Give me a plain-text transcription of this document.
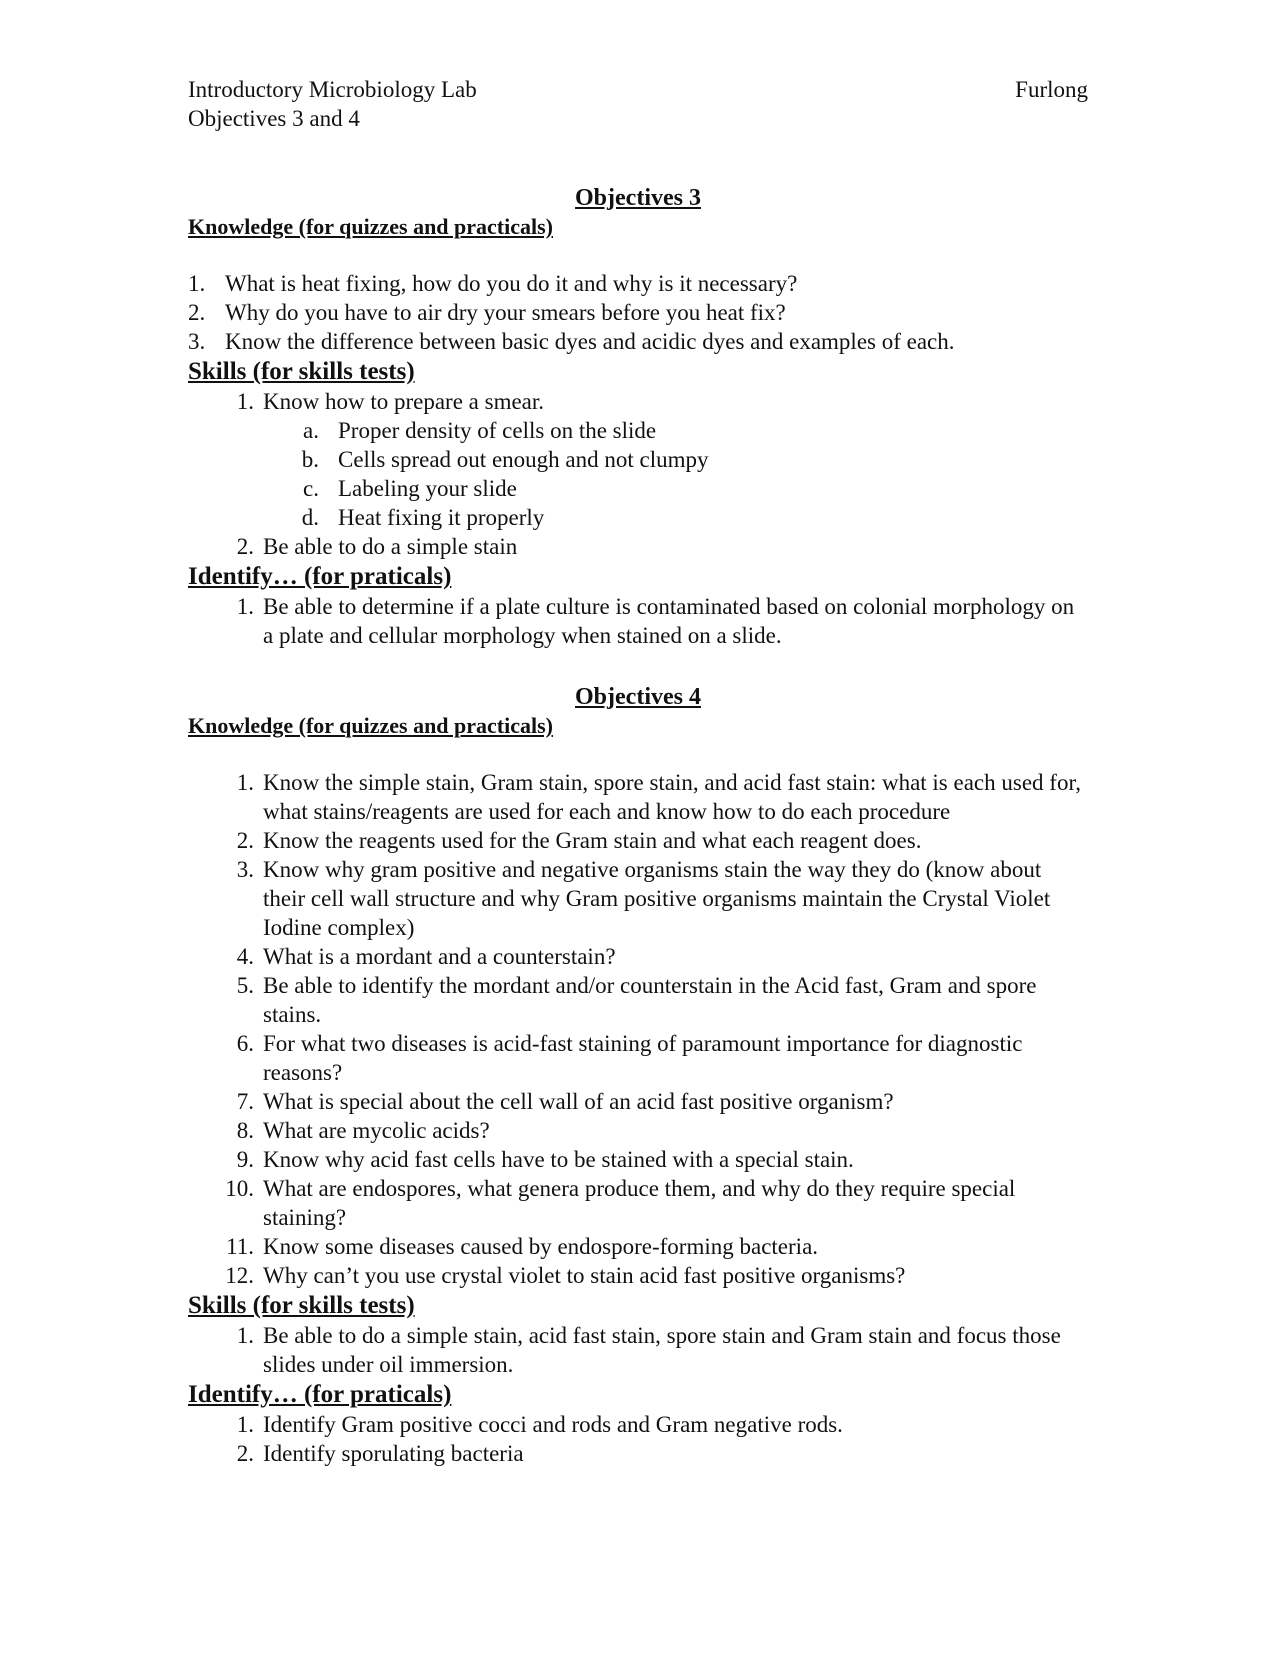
Introductory Microbiology Lab	Furlong
Objectives 3 and 4
Objectives 3
Knowledge (for quizzes and practicals)
1. What is heat fixing, how do you do it and why is it necessary?
2. Why do you have to air dry your smears before you heat fix?
3. Know the difference between basic dyes and acidic dyes and examples of each.
Skills (for skills tests)
1. Know how to prepare a smear.
a. Proper density of cells on the slide
b. Cells spread out enough and not clumpy
c. Labeling your slide
d. Heat fixing it properly
2. Be able to do a simple stain
Identify… (for praticals)
1. Be able to determine if a plate culture is contaminated based on colonial morphology on a plate and cellular morphology when stained on a slide.
Objectives 4
Knowledge (for quizzes and practicals)
1. Know the simple stain, Gram stain, spore stain, and acid fast stain: what is each used for, what stains/reagents are used for each and know how to do each procedure
2. Know the reagents used for the Gram stain and what each reagent does.
3. Know why gram positive and negative organisms stain the way they do (know about their cell wall structure and why Gram positive organisms maintain the Crystal Violet Iodine complex)
4. What is a mordant and a counterstain?
5. Be able to identify the mordant and/or counterstain in the Acid fast, Gram and spore stains.
6. For what two diseases is acid-fast staining of paramount importance for diagnostic reasons?
7. What is special about the cell wall of an acid fast positive organism?
8. What are mycolic acids?
9. Know why acid fast cells have to be stained with a special stain.
10. What are endospores, what genera produce them, and why do they require special staining?
11. Know some diseases caused by endospore-forming bacteria.
12. Why can’t you use crystal violet to stain acid fast positive organisms?
Skills (for skills tests)
1. Be able to do a simple stain, acid fast stain, spore stain and Gram stain and focus those slides under oil immersion.
Identify… (for praticals)
1. Identify Gram positive cocci and rods and Gram negative rods.
2. Identify sporulating bacteria
